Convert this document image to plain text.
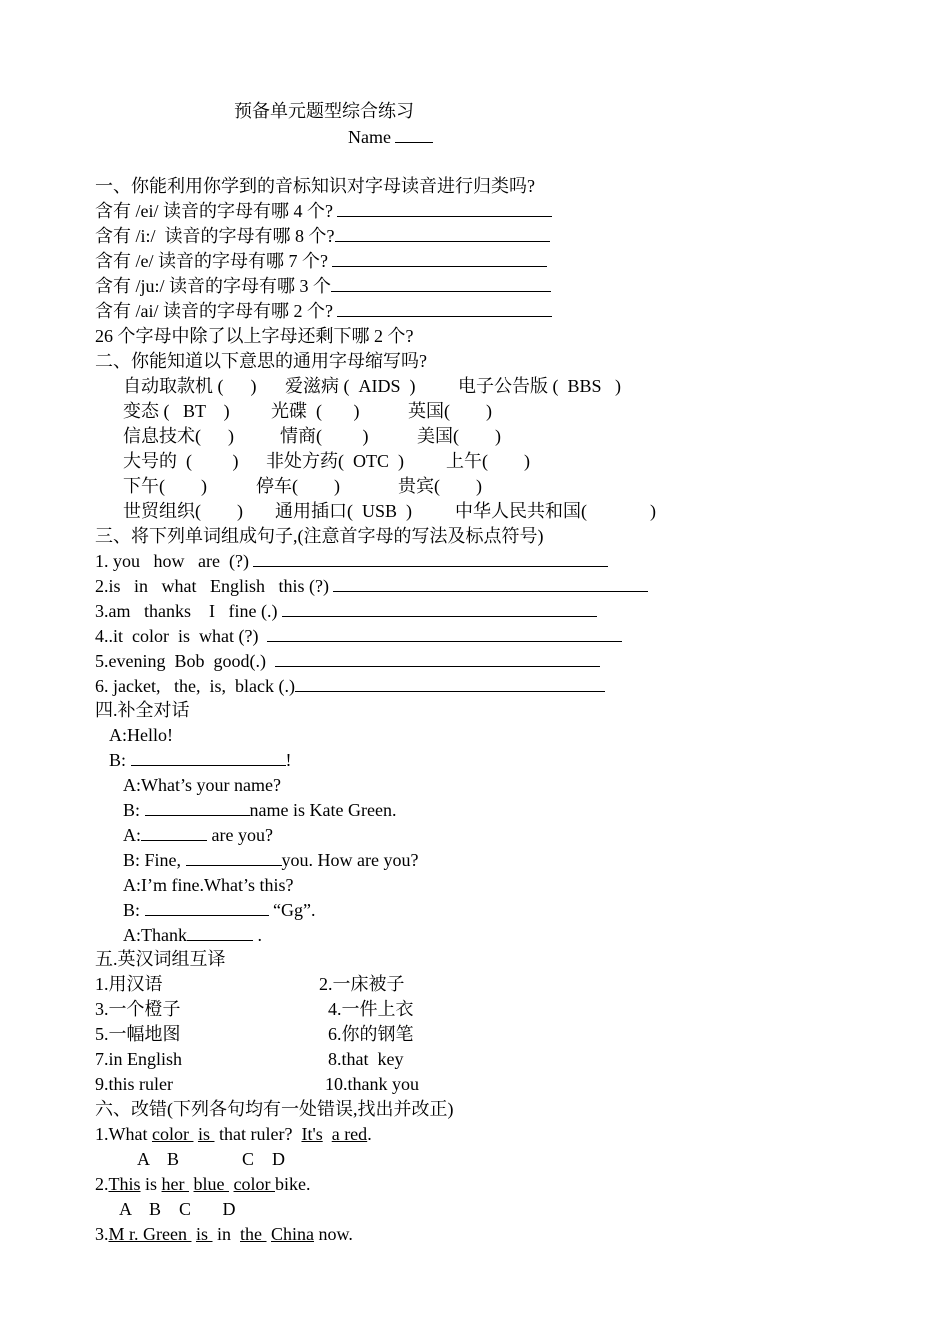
预备单元题型综合练习
Name
一、你能利用你学到的音标知识对字母读音进行归类吗?
含有 /ei/ 读音的字母有哪 4 个?
含有 /i:/  读音的字母有哪 8 个?
含有 /e/ 读音的字母有哪 7 个?
含有 /ju:/ 读音的字母有哪 3 个
含有 /ai/ 读音的字母有哪 2 个?
26 个字母中除了以上字母还剩下哪 2 个?
二、你能知道以下意思的通用字母缩写吗?
自动取款机 (      ) 爱滋病 (  AIDS  ) 电子公告版 (  BBS   )
变态 (   BT    ) 光碟  (       )	英国(        )
信息技术(      )	情商(         )	美国(        )
大号的  (         ) 非处方药(  OTC  ) 上午(        )
下午(        )	停车(        )	贵宾(        )
世贸组织(        ) 通用插口(  USB  ) 中华人民共和国(              )
三、将下列单词组成句子,(注意首字母的写法及标点符号)
1. you   how   are  (?)
2.is   in   what   English   this (?)
3.am   thanks    I   fine (.)
4..it  color  is  what (?)
5.evening  Bob  good(.)
6. jacket,   the,  is,  black (.)
四.补全对话
A:Hello!
B:	!
A:What’s your name?
B:	name is Kate Green.
A:	are you?
B: Fine,	you. How are you?
A:I’m fine.What’s this?
B:	“Gg”.
A:Thank	.
五.英汉词组互译
1.用汉语	2.一床被子
3.一个橙子	4.一件上衣
5.一幅地图	6.你的钢笔
7.in English	8.that  key
9.this ruler	10.thank you
六、改错(下列各句均有一处错误,找出并改正)
1.What color  is  that ruler?  It's a red.
A    B              C    D
2.This is her  blue  color bike.
A    B    C       D
3.M r. Green  is  in  the  China now.
